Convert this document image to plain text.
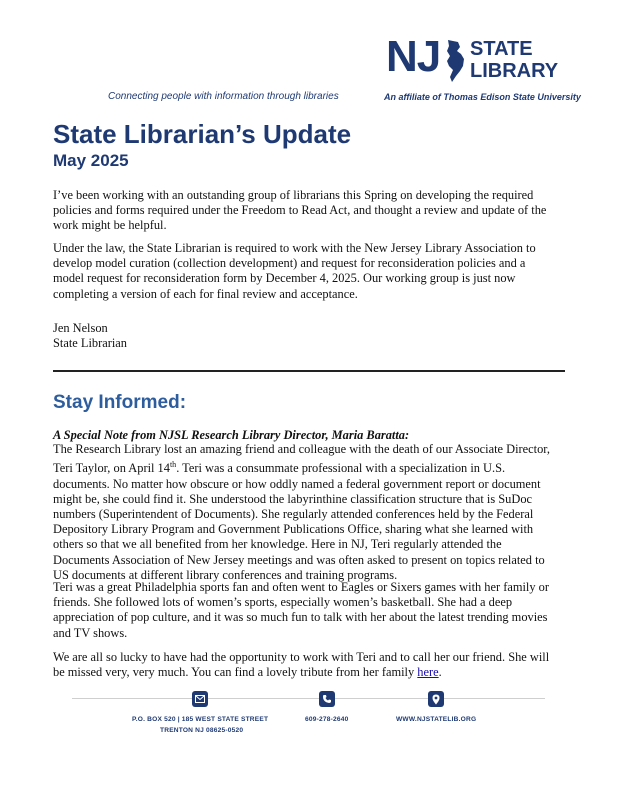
Connecting people with information through libraries
NJ STATE
LIBRARY
An affiliate of Thomas Edison State University
State Librarian’s Update
May 2025

I’ve been working with an outstanding group of librarians this Spring on developing the required policies and forms required under the Freedom to Read Act, and thought a review and update of the work might be helpful.

Under the law, the State Librarian is required to work with the New Jersey Library Association to develop model curation (collection development) and request for reconsideration policies and a model request for reconsideration form by December 4, 2025. Our working group is just now completing a version of each for final review and acceptance.

Jen Nelson
State Librarian
Stay Informed:
A Special Note from NJSL Research Library Director, Maria Baratta:

The Research Library lost an amazing friend and colleague with the death of our Associate Director, Teri Taylor, on April 14th. Teri was a consummate professional with a specialization in U.S. documents. No matter how obscure or how oddly named a federal government report or document might be, she could find it. She understood the labyrinthine classification structure that is SuDoc numbers (Superintendent of Documents). She regularly attended conferences held by the Federal Depository Library Program and Government Publications Office, sharing what she learned with others so that we all benefited from her knowledge. Here in NJ, Teri regularly attended the Documents Association of New Jersey meetings and was often asked to present on topics related to US documents at different library conferences and training programs.

Teri was a great Philadelphia sports fan and often went to Eagles or Sixers games with her family or friends. She followed lots of women’s sports, especially women’s basketball. She had a deep appreciation of pop culture, and it was so much fun to talk with her about the latest trending movies and TV shows.

We are all so lucky to have had the opportunity to work with Teri and to call her our friend. She will be missed very, very much. You can find a lovely tribute from her family here.

P.O. BOX 520 | 185 WEST STATE STREET
TRENTON NJ 08625-0520
609-278-2640	WWW.NJSTATELIB.ORG
